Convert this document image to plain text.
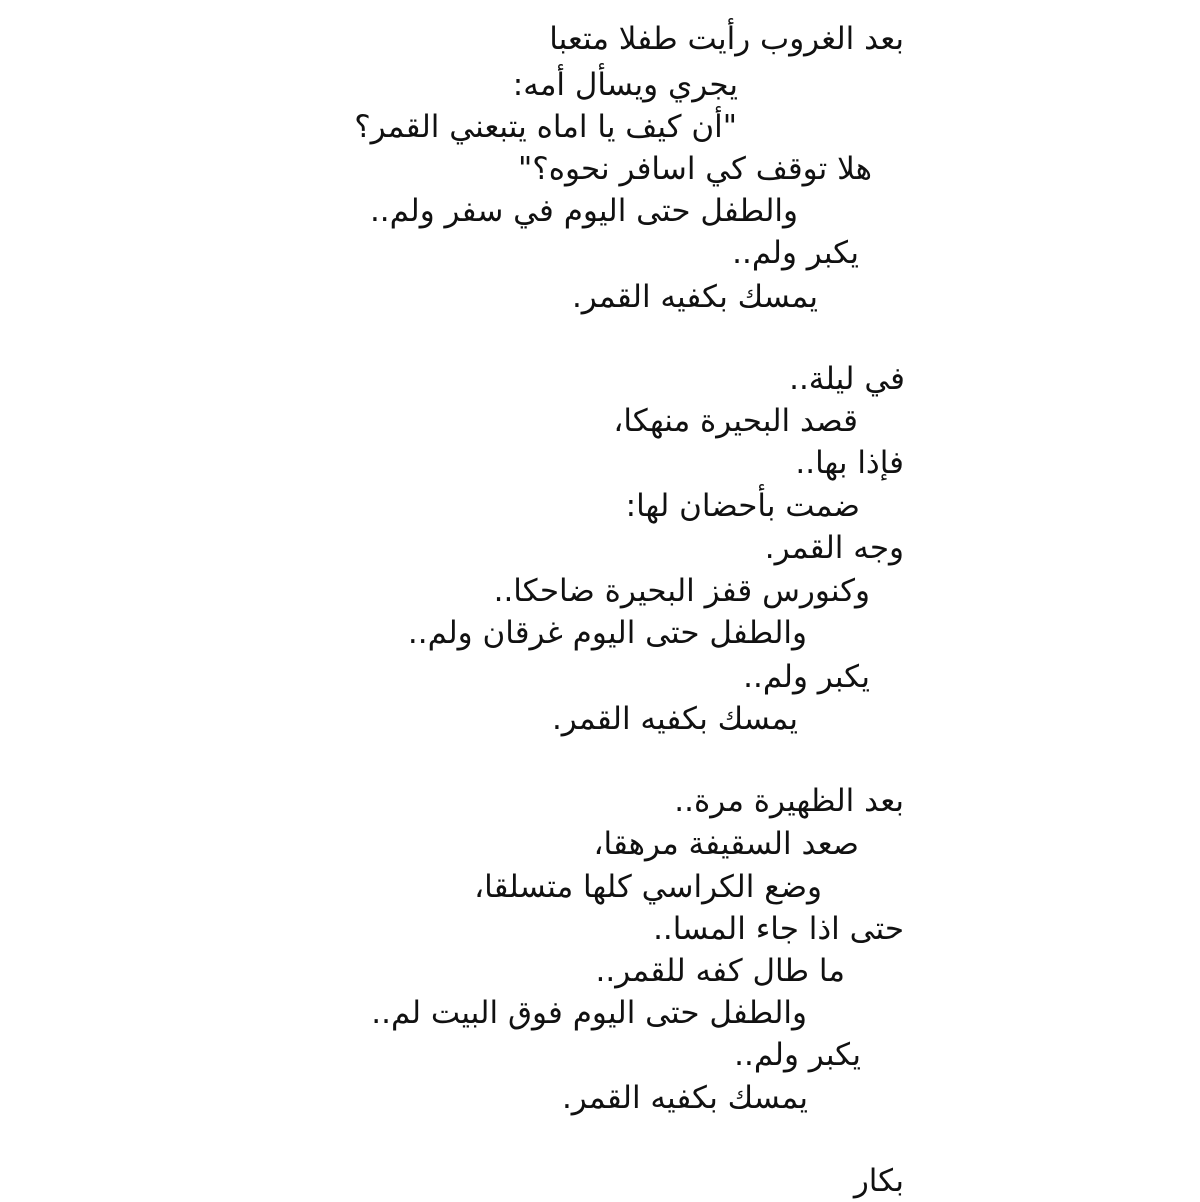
بعد الغروب رأيت طفلا متعبا
يجري ويسأل أمه:
"أن كيف يا اماه يتبعني القمر؟
هلا توقف كي اسافر نحوه؟"
والطفل حتى اليوم في سفر ولم..
يكبر ولم..
يمسك بكفيه القمر.
في ليلة..
قصد البحيرة منهكا،
فإذا بها..
ضمت بأحضان لها:
وجه القمر.
وكنورس قفز البحيرة ضاحكا..
والطفل حتى اليوم غرقان ولم..
يكبر ولم..
يمسك بكفيه القمر.
بعد الظهيرة مرة..
صعد السقيفة مرهقا،
وضع الكراسي كلها متسلقا،
حتى اذا جاء المسا..
ما طال كفه للقمر..
والطفل حتى اليوم فوق البيت لم..
يكبر ولم..
يمسك بكفيه القمر.
بكار
